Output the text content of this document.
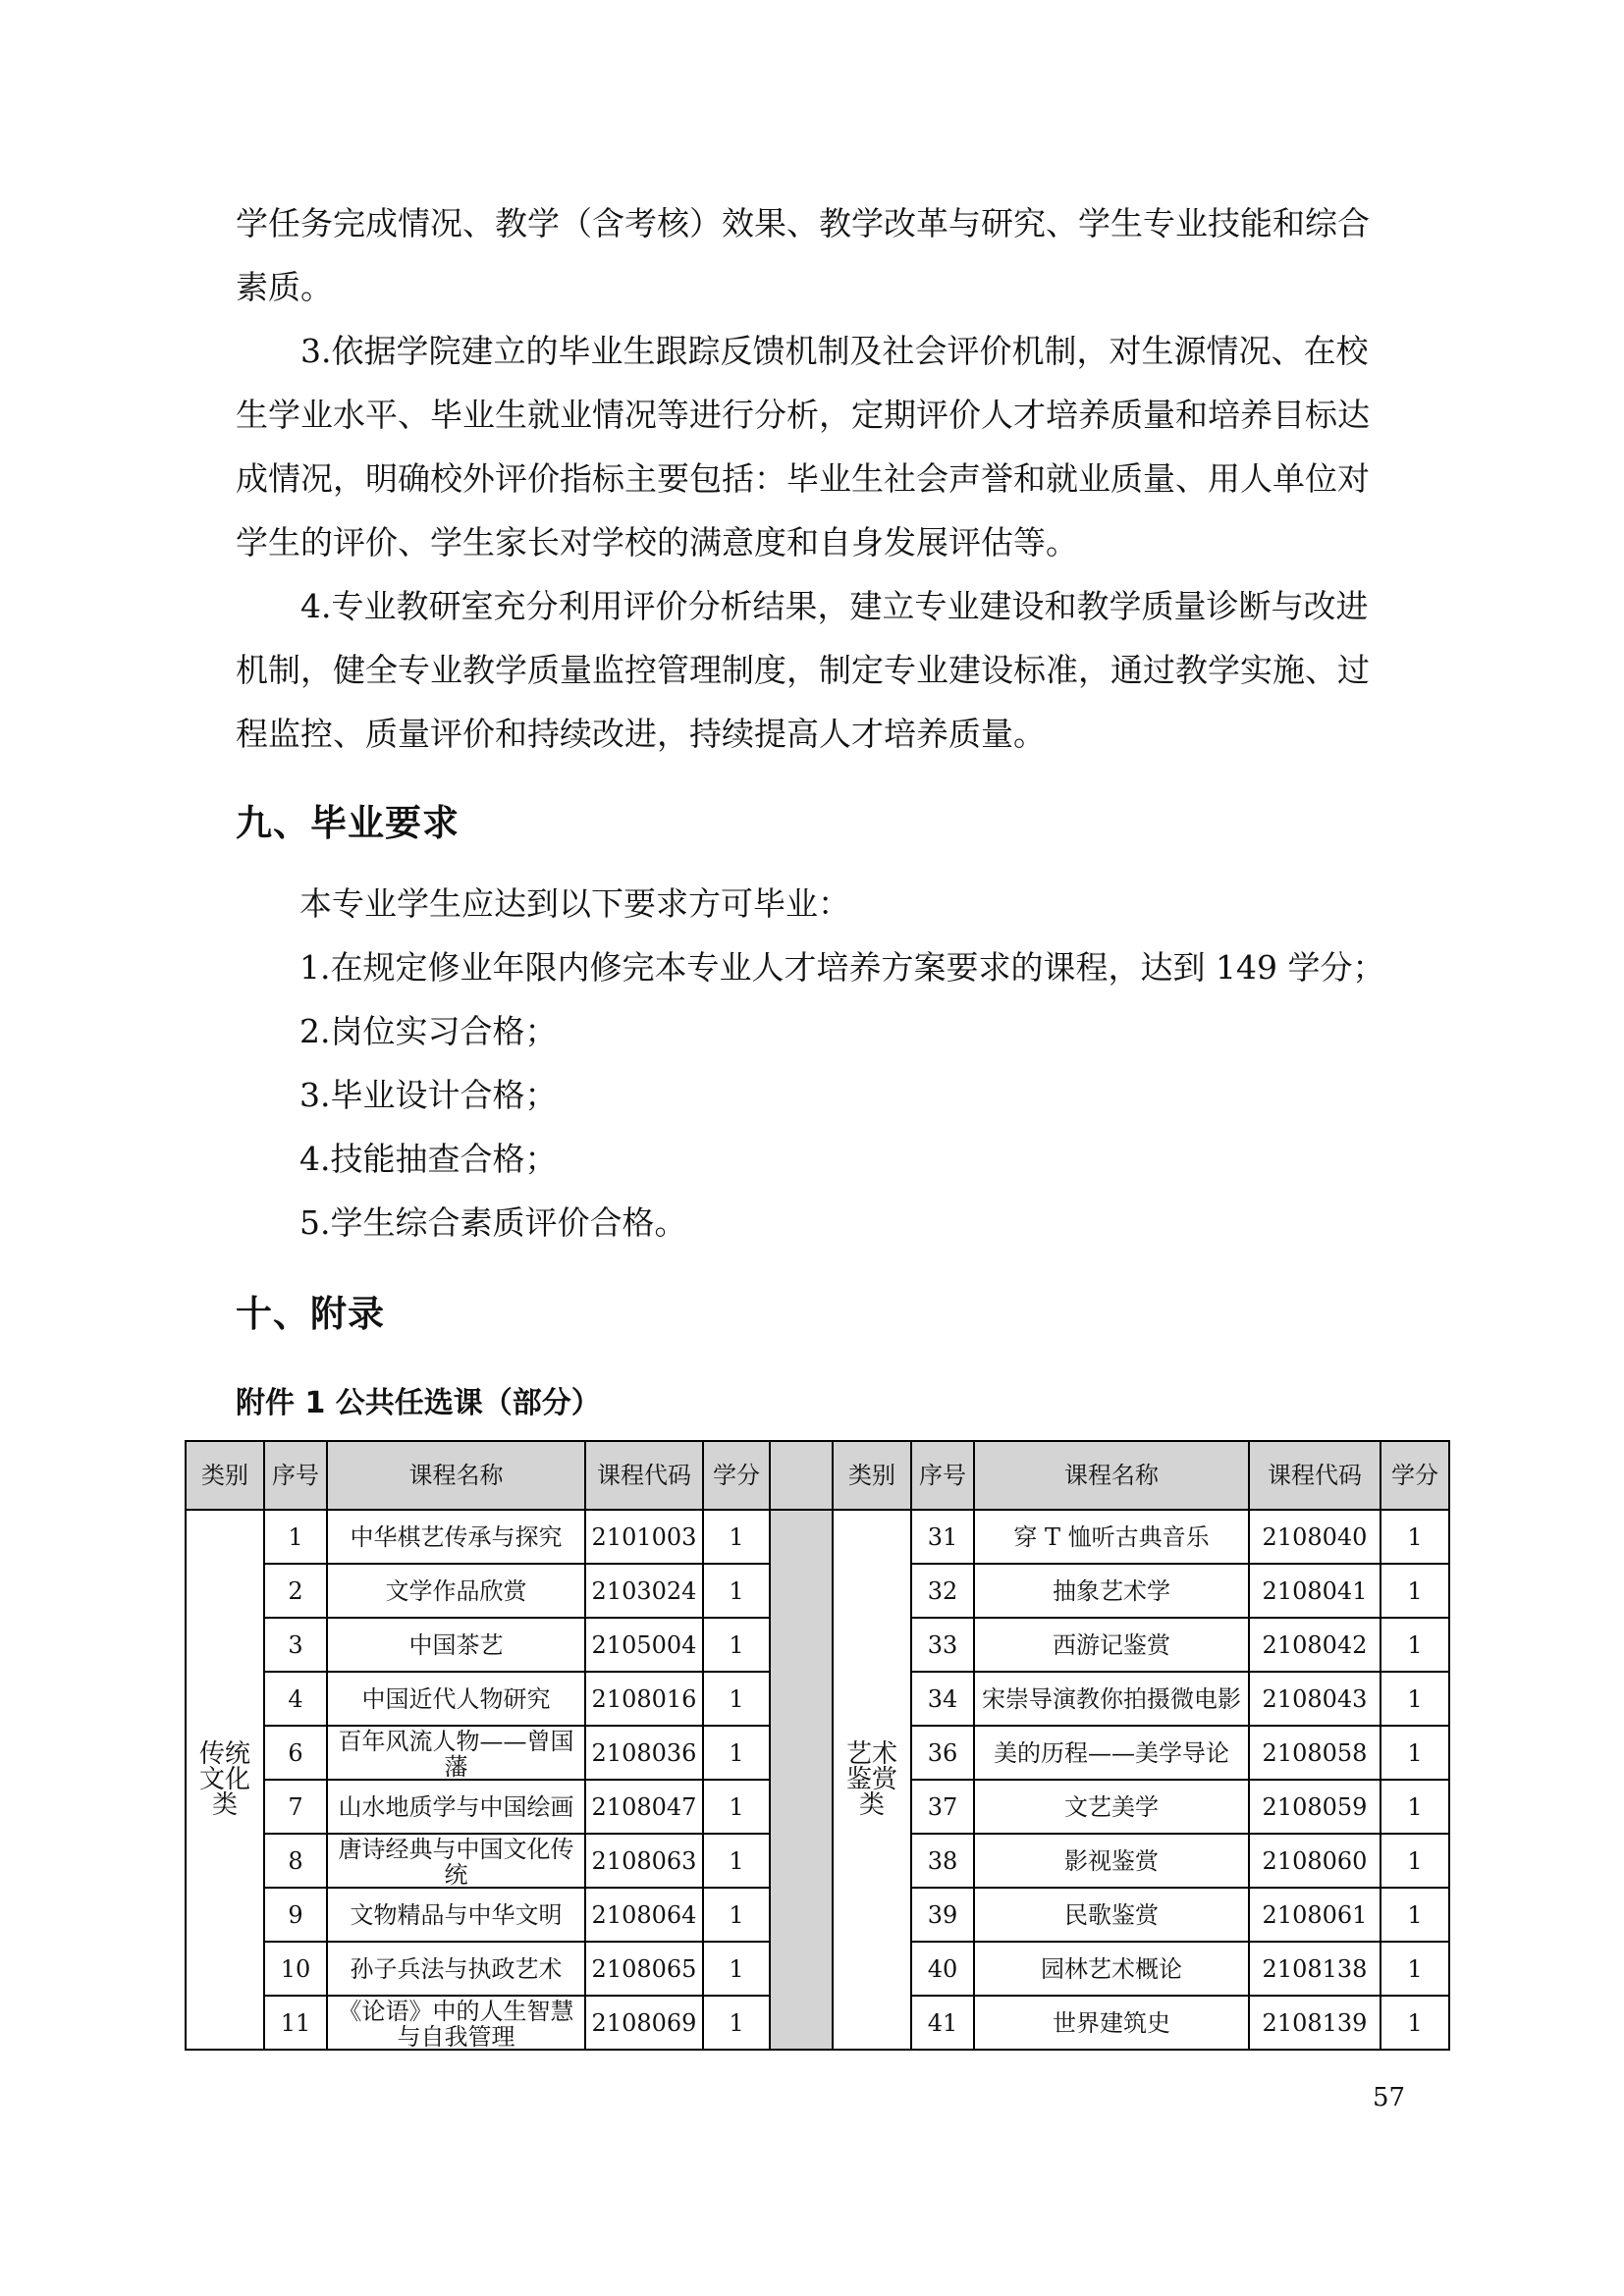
学任务完成情况、教学（含考核）效果、教学改革与研究、学生专业技能和综合
素质。
3.依据学院建立的毕业生跟踪反馈机制及社会评价机制，对生源情况、在校
生学业水平、毕业生就业情况等进行分析，定期评价人才培养质量和培养目标达
成情况，明确校外评价指标主要包括：毕业生社会声誉和就业质量、用人单位对
学生的评价、学生家长对学校的满意度和自身发展评估等。
4.专业教研室充分利用评价分析结果，建立专业建设和教学质量诊断与改进
机制，健全专业教学质量监控管理制度，制定专业建设标准，通过教学实施、过
程监控、质量评价和持续改进，持续提高人才培养质量。
九、毕业要求

本专业学生应达到以下要求方可毕业：

1.在规定修业年限内修完本专业人才培养方案要求的课程，达到 149 学分；

2.岗位实习合格；

3.毕业设计合格；

4.技能抽查合格；

5.学生综合素质评价合格。

十、附录
附件 1 公共任选课（部分）
类别	序号	课程名称	课程代码	学分		类别	序号	课程名称	课程代码	学分
传统文化类	1	中华棋艺传承与探究	2101003	1		艺术鉴赏类	31	穿 T 恤听古典音乐	2108040	1
	2	文学作品欣赏	2103024	1			32	抽象艺术学	2108041	1
	3	中国茶艺	2105004	1			33	西游记鉴赏	2108042	1
	4	中国近代人物研究	2108016	1			34	宋崇导演教你拍摄微电影	2108043	1
	6	百年风流人物——曾国藩	2108036	1			36	美的历程——美学导论	2108058	1
	7	山水地质学与中国绘画	2108047	1			37	文艺美学	2108059	1
	8	唐诗经典与中国文化传统	2108063	1			38	影视鉴赏	2108060	1
	9	文物精品与中华文明	2108064	1			39	民歌鉴赏	2108061	1
	10	孙子兵法与执政艺术	2108065	1			40	园林艺术概论	2108138	1
	11	《论语》中的人生智慧与自我管理	2108069	1			41	世界建筑史	2108139	1
57
